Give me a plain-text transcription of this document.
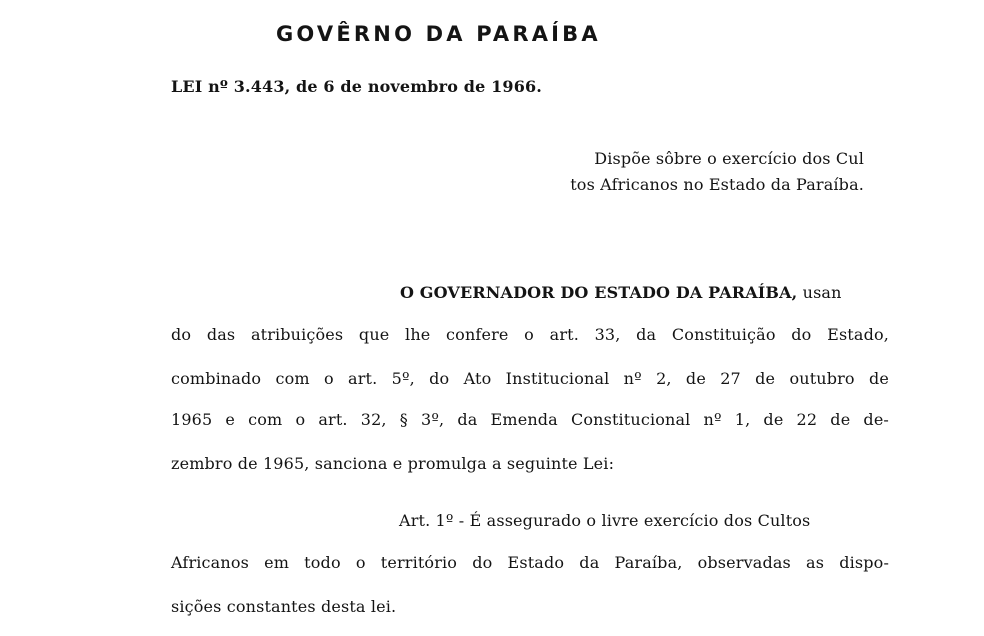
GOVÊRNO DA PARAÍBA
LEI nº 3.443, de 6 de novembro de 1966.
Dispõe sôbre o exercício dos Cul
tos Africanos no Estado da Paraíba.
O GOVERNADOR DO ESTADO DA PARAÍBA, usan
do das atribuições que lhe confere o art. 33, da Constituição do Estado,
combinado com o art. 5º, do Ato Institucional nº 2, de 27 de outubro de
1965 e com o art. 32, § 3º, da Emenda Constitucional nº 1, de 22 de de-
zembro de 1965, sanciona e promulga a seguinte Lei:
Art. 1º - É assegurado o livre exercício dos Cultos
Africanos em todo o território do Estado da Paraíba, observadas as dispo-
sições constantes desta lei.
